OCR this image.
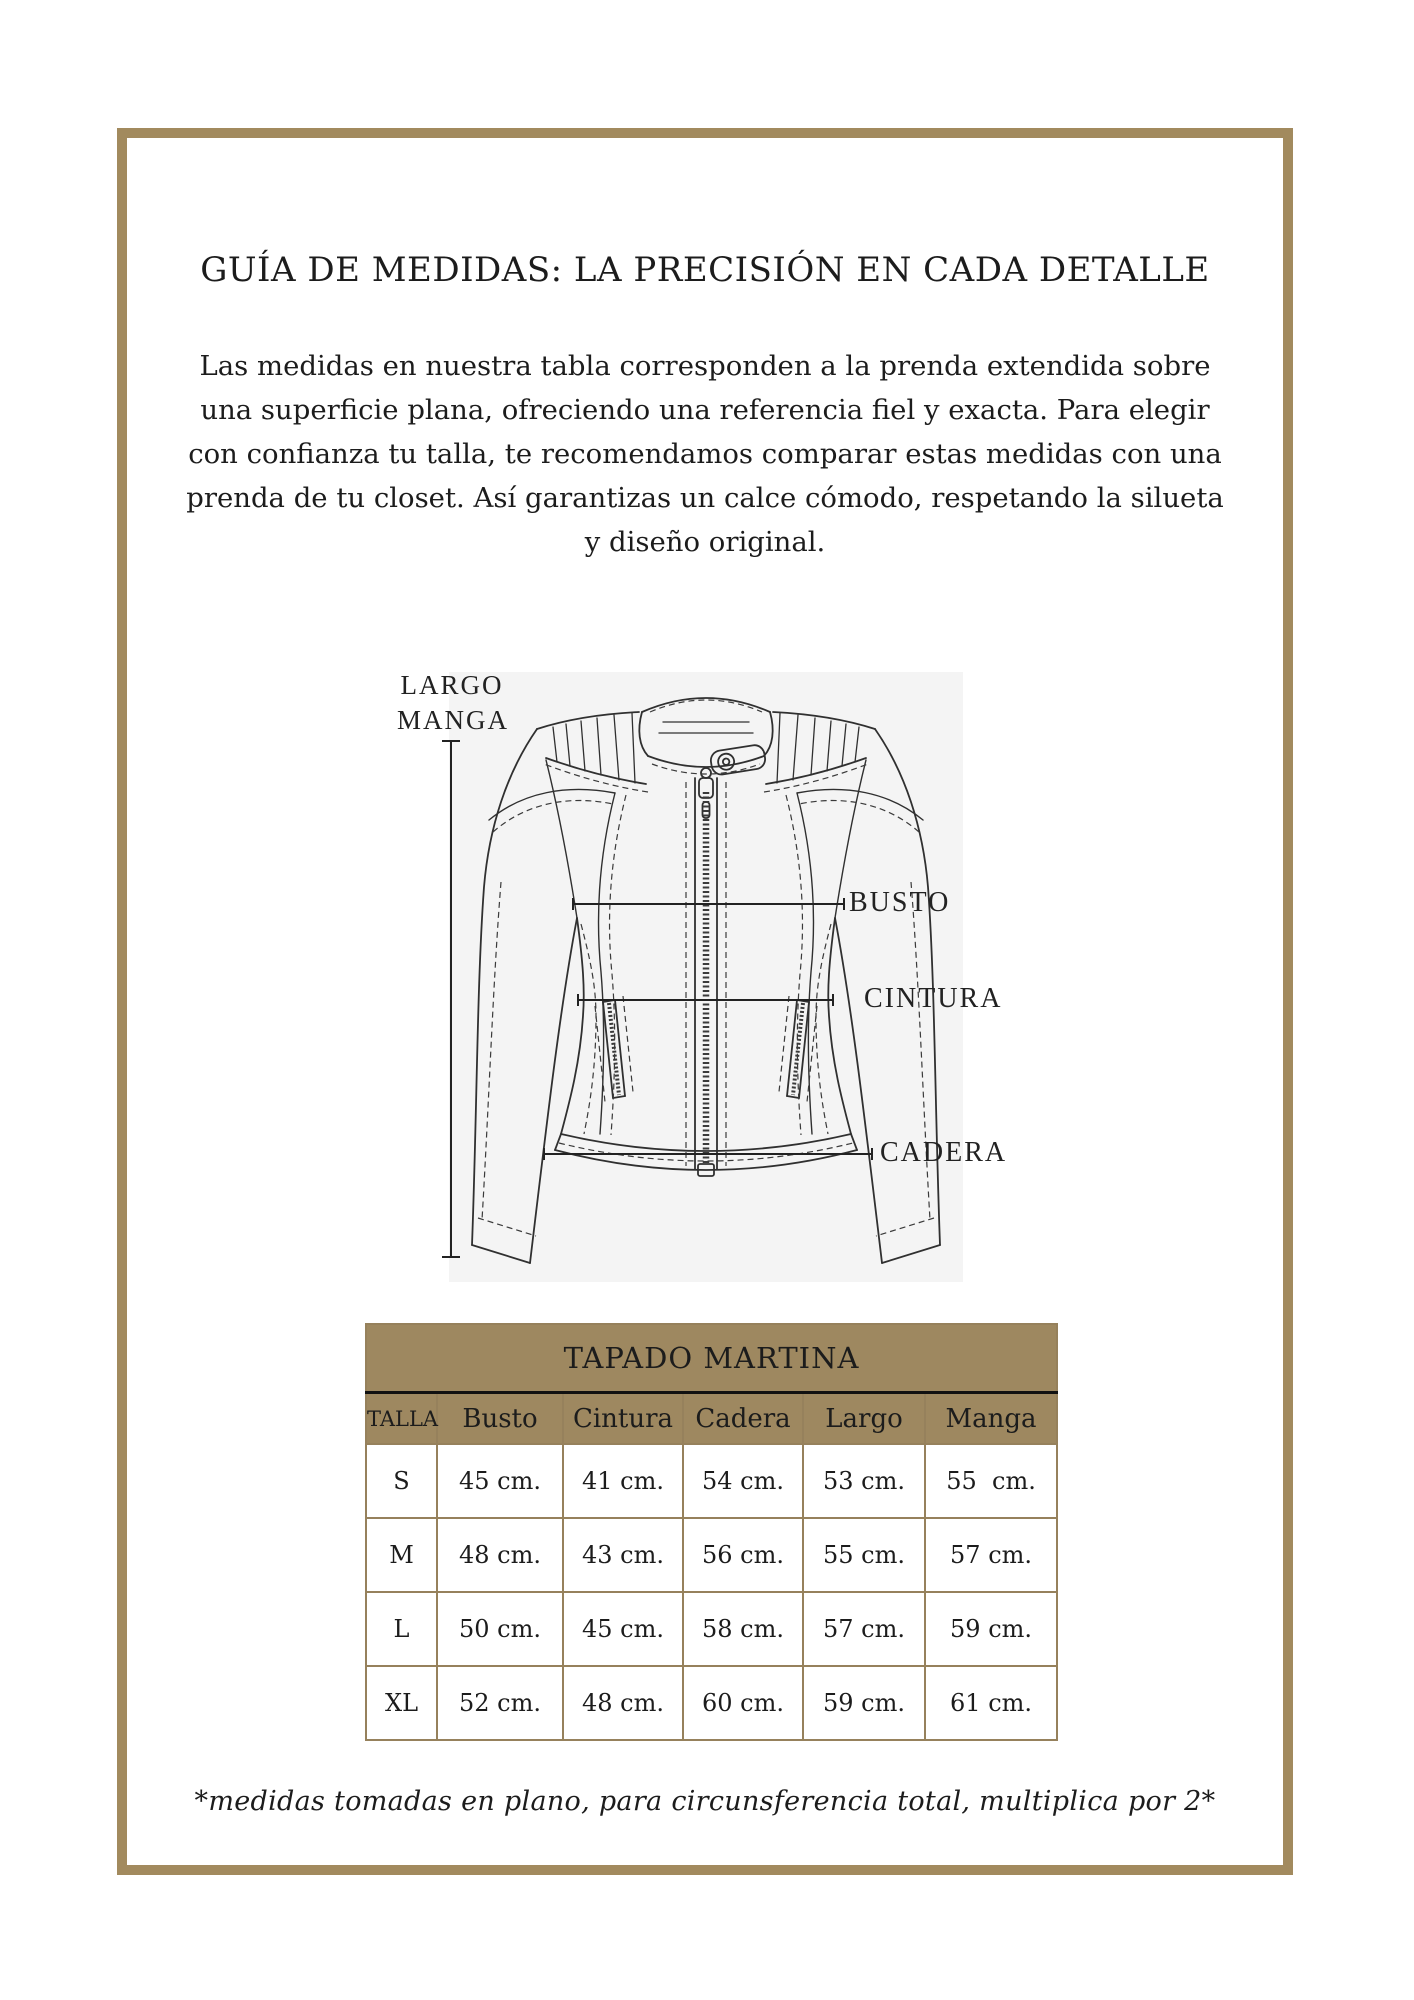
GUÍA DE MEDIDAS: LA PRECISIÓN EN CADA DETALLE
Las medidas en nuestra tabla corresponden a la prenda extendida sobre
una superficie plana, ofreciendo una referencia fiel y exacta. Para elegir
con confianza tu talla, te recomendamos comparar estas medidas con una
prenda de tu closet. Así garantizas un calce cómodo, respetando la silueta
y diseño original.
LARGO
MANGA
BUSTO
CINTURA
CADERA
TAPADO MARTINA					
TALLA	Busto	Cintura	Cadera	Largo	Manga
S	45 cm.	41 cm.	54 cm.	53 cm.	55  cm.
M	48 cm.	43 cm.	56 cm.	55 cm.	57 cm.
L	50 cm.	45 cm.	58 cm.	57 cm.	59 cm.
XL	52 cm.	48 cm.	60 cm.	59 cm.	61 cm.
*medidas tomadas en plano, para circunsferencia total, multiplica por 2*
